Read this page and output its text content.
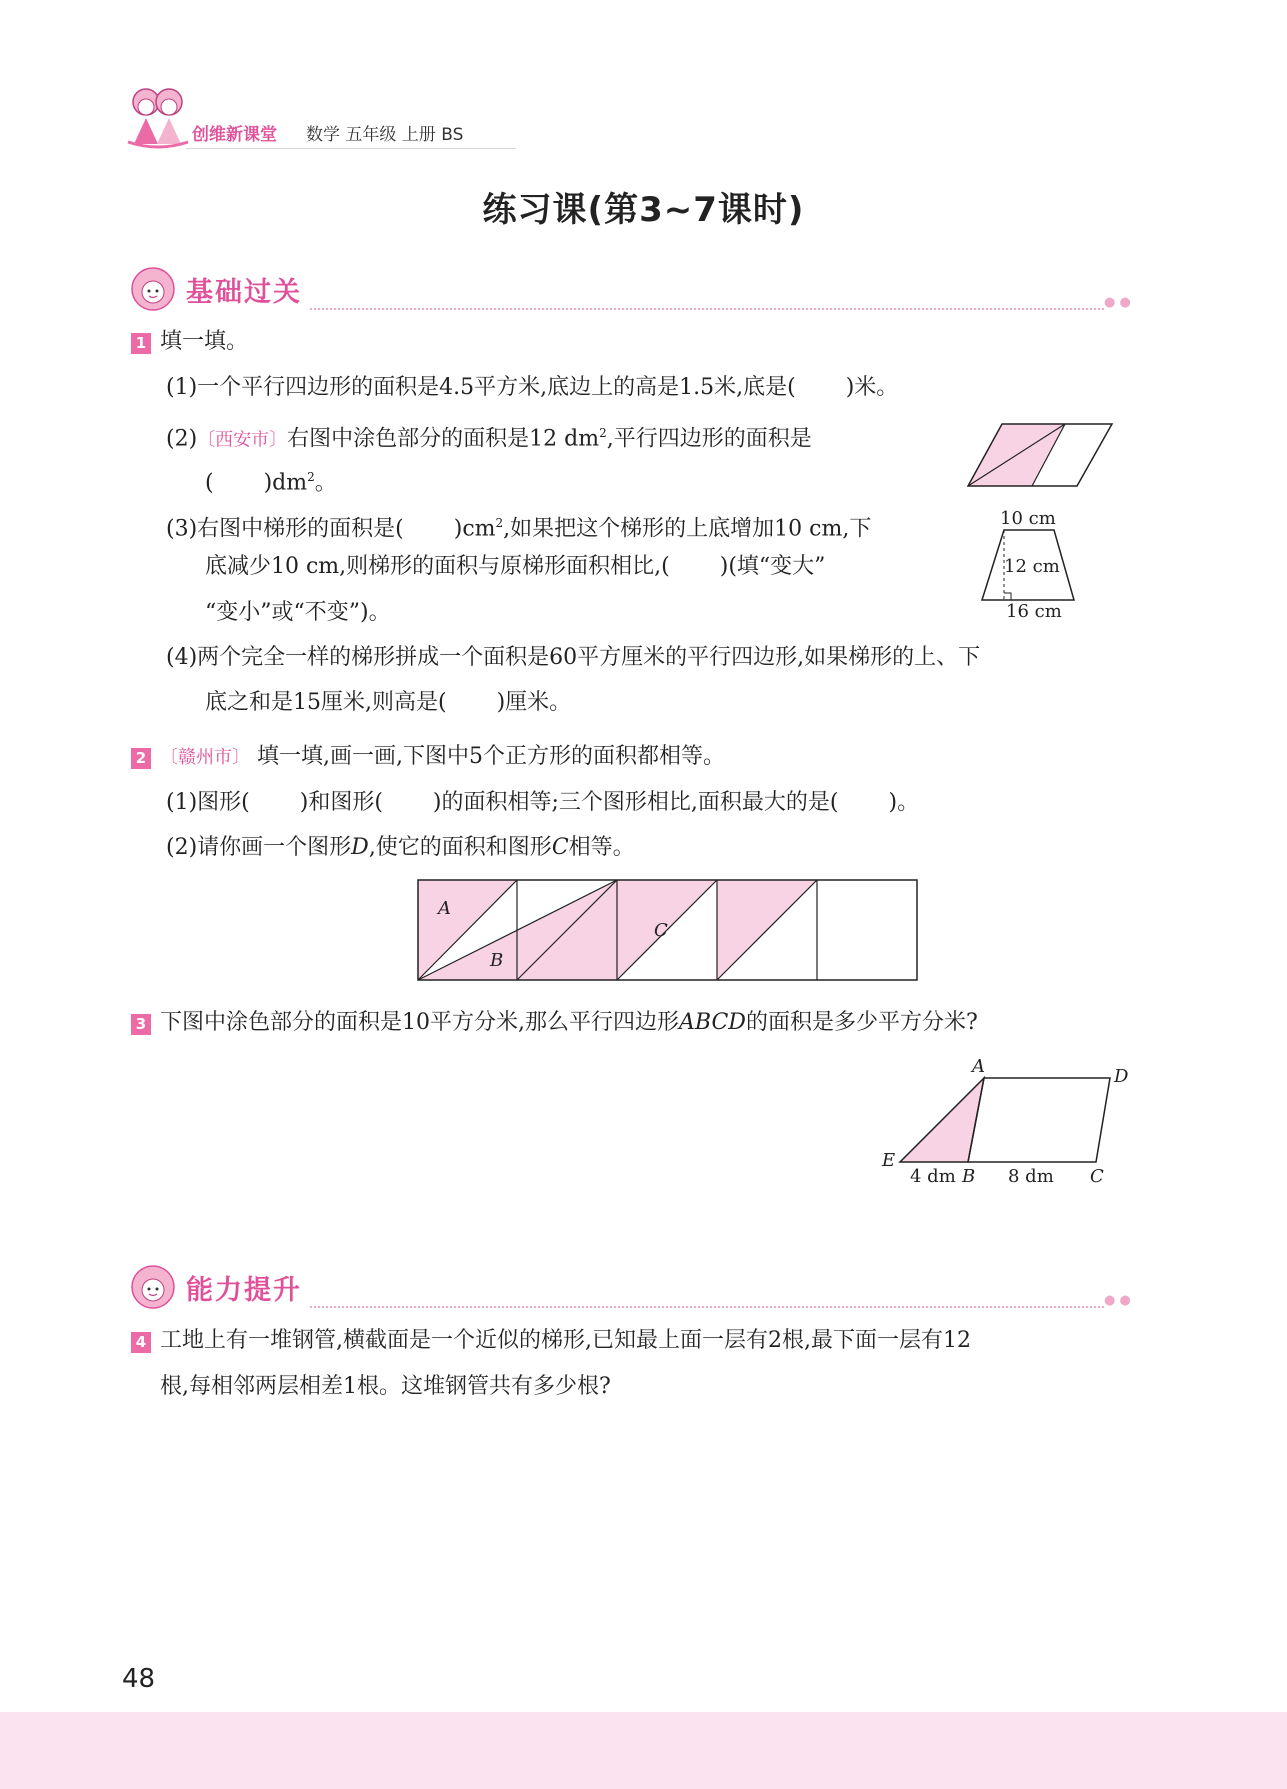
创维新课堂 数学 五年级 上册 BS
练习课(第3~7课时)
基础过关	● ●
1 填一填。
(1)一个平行四边形的面积是4.5平方米,底边上的高是1.5米,底是( )米。
(2)〔西安市〕右图中涂色部分的面积是12 $dm^2$,平行四边形的面积是
( )$dm^2$。
(3)右图中梯形的面积是( )$cm^2$,如果把这个梯形的上底增加10 cm,下
底减少10 cm,则梯形的面积与原梯形面积相比,( )(填“变大”
“变小”或“不变”)。
10 cm
12 cm
16 cm
(4)两个完全一样的梯形拼成一个面积是60平方厘米的平行四边形,如果梯形的上、下
底之和是15厘米,则高是( )厘米。
2 〔赣州市〕 填一填,画一画,下图中5个正方形的面积都相等。
(1)图形( )和图形( )的面积相等;三个图形相比,面积最大的是( )。
(2)请你画一个图形D,使它的面积和图形C相等。
A
B
C
3 下图中涂色部分的面积是10平方分米,那么平行四边形ABCD的面积是多少平方分米?
A	D
E
B	C
4 dm	8 dm
能力提升	● ●
4 工地上有一堆钢管,横截面是一个近似的梯形,已知最上面一层有2根,最下面一层有12
根,每相邻两层相差1根。这堆钢管共有多少根?
48
